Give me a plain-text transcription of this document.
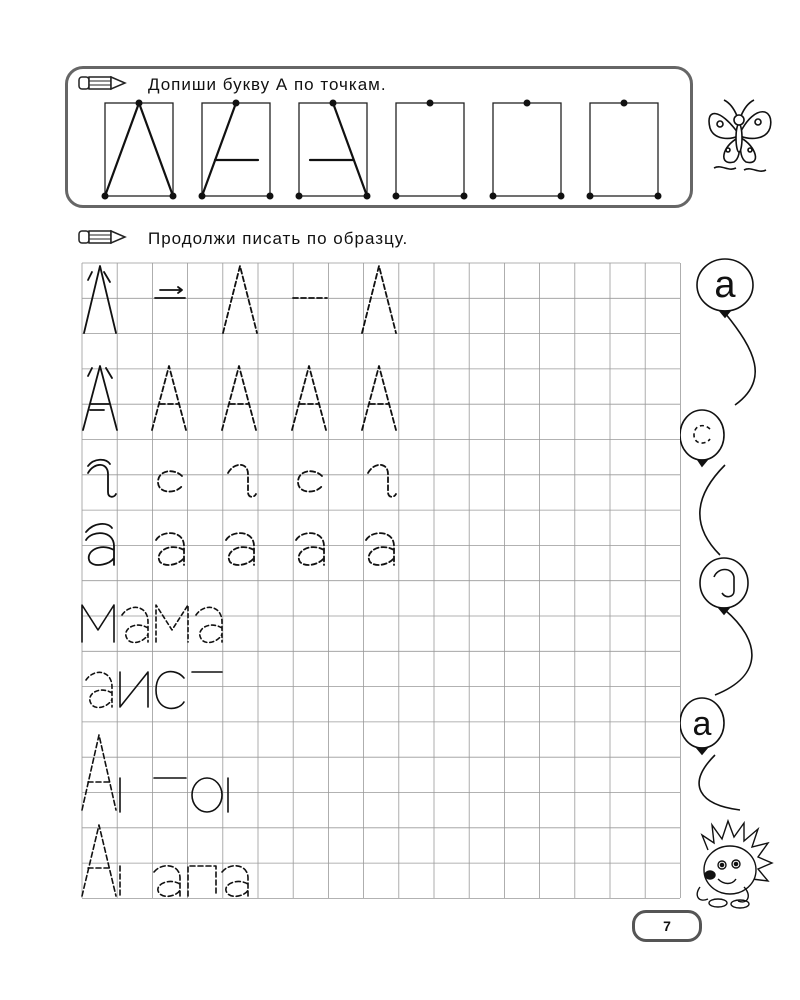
Допиши букву А по точкам.
Продолжи писать по образцу.
а
а
7
